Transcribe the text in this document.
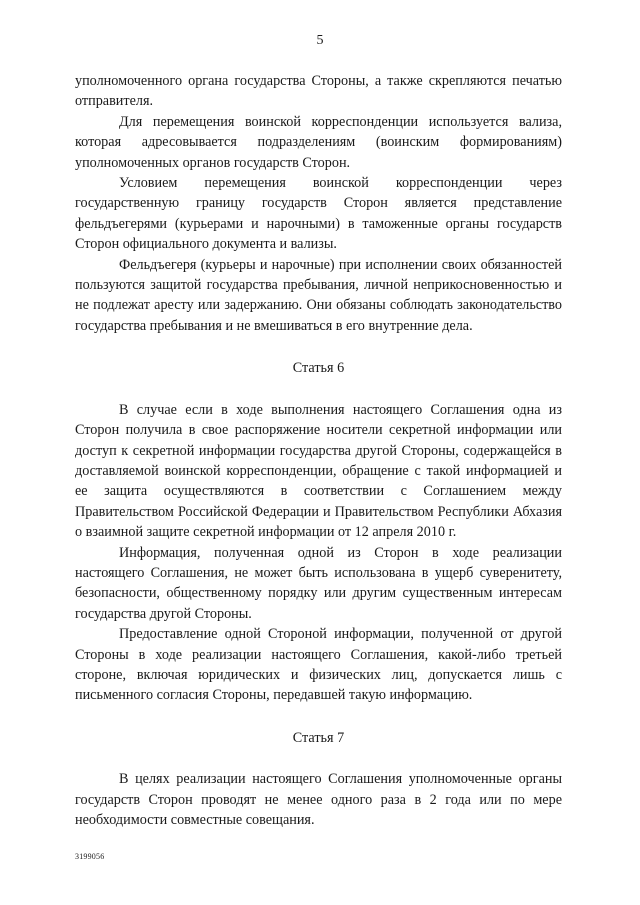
5

уполномоченного органа государства Стороны, а также скрепляются печатью отправителя.

Для перемещения воинской корреспонденции используется вализа, которая адресовывается подразделениям (воинским формированиям) уполномоченных органов государств Сторон.

Условием перемещения воинской корреспонденции через государственную границу государств Сторон является представление фельдъегерями (курьерами и нарочными) в таможенные органы государств Сторон официального документа и вализы.

Фельдъегеря (курьеры и нарочные) при исполнении своих обязанностей пользуются защитой государства пребывания, личной неприкосновенностью и не подлежат аресту или задержанию. Они обязаны соблюдать законодательство государства пребывания и не вмешиваться в его внутренние дела.

Статья 6

В случае если в ходе выполнения настоящего Соглашения одна из Сторон получила в свое распоряжение носители секретной информации или доступ к секретной информации государства другой Стороны, содержащейся в доставляемой воинской корреспонденции, обращение с такой информацией и ее защита осуществляются в соответствии с Соглашением между Правительством Российской Федерации и Правительством Республики Абхазия о взаимной защите секретной информации от 12 апреля 2010 г.

Информация, полученная одной из Сторон в ходе реализации настоящего Соглашения, не может быть использована в ущерб суверенитету, безопасности, общественному порядку или другим существенным интересам государства другой Стороны.

Предоставление одной Стороной информации, полученной от другой Стороны в ходе реализации настоящего Соглашения, какой-либо третьей стороне, включая юридических и физических лиц, допускается лишь с письменного согласия Стороны, передавшей такую информацию.

Статья 7

В целях реализации настоящего Соглашения уполномоченные органы государств Сторон проводят не менее одного раза в 2 года или по мере необходимости совместные совещания.

3199056
